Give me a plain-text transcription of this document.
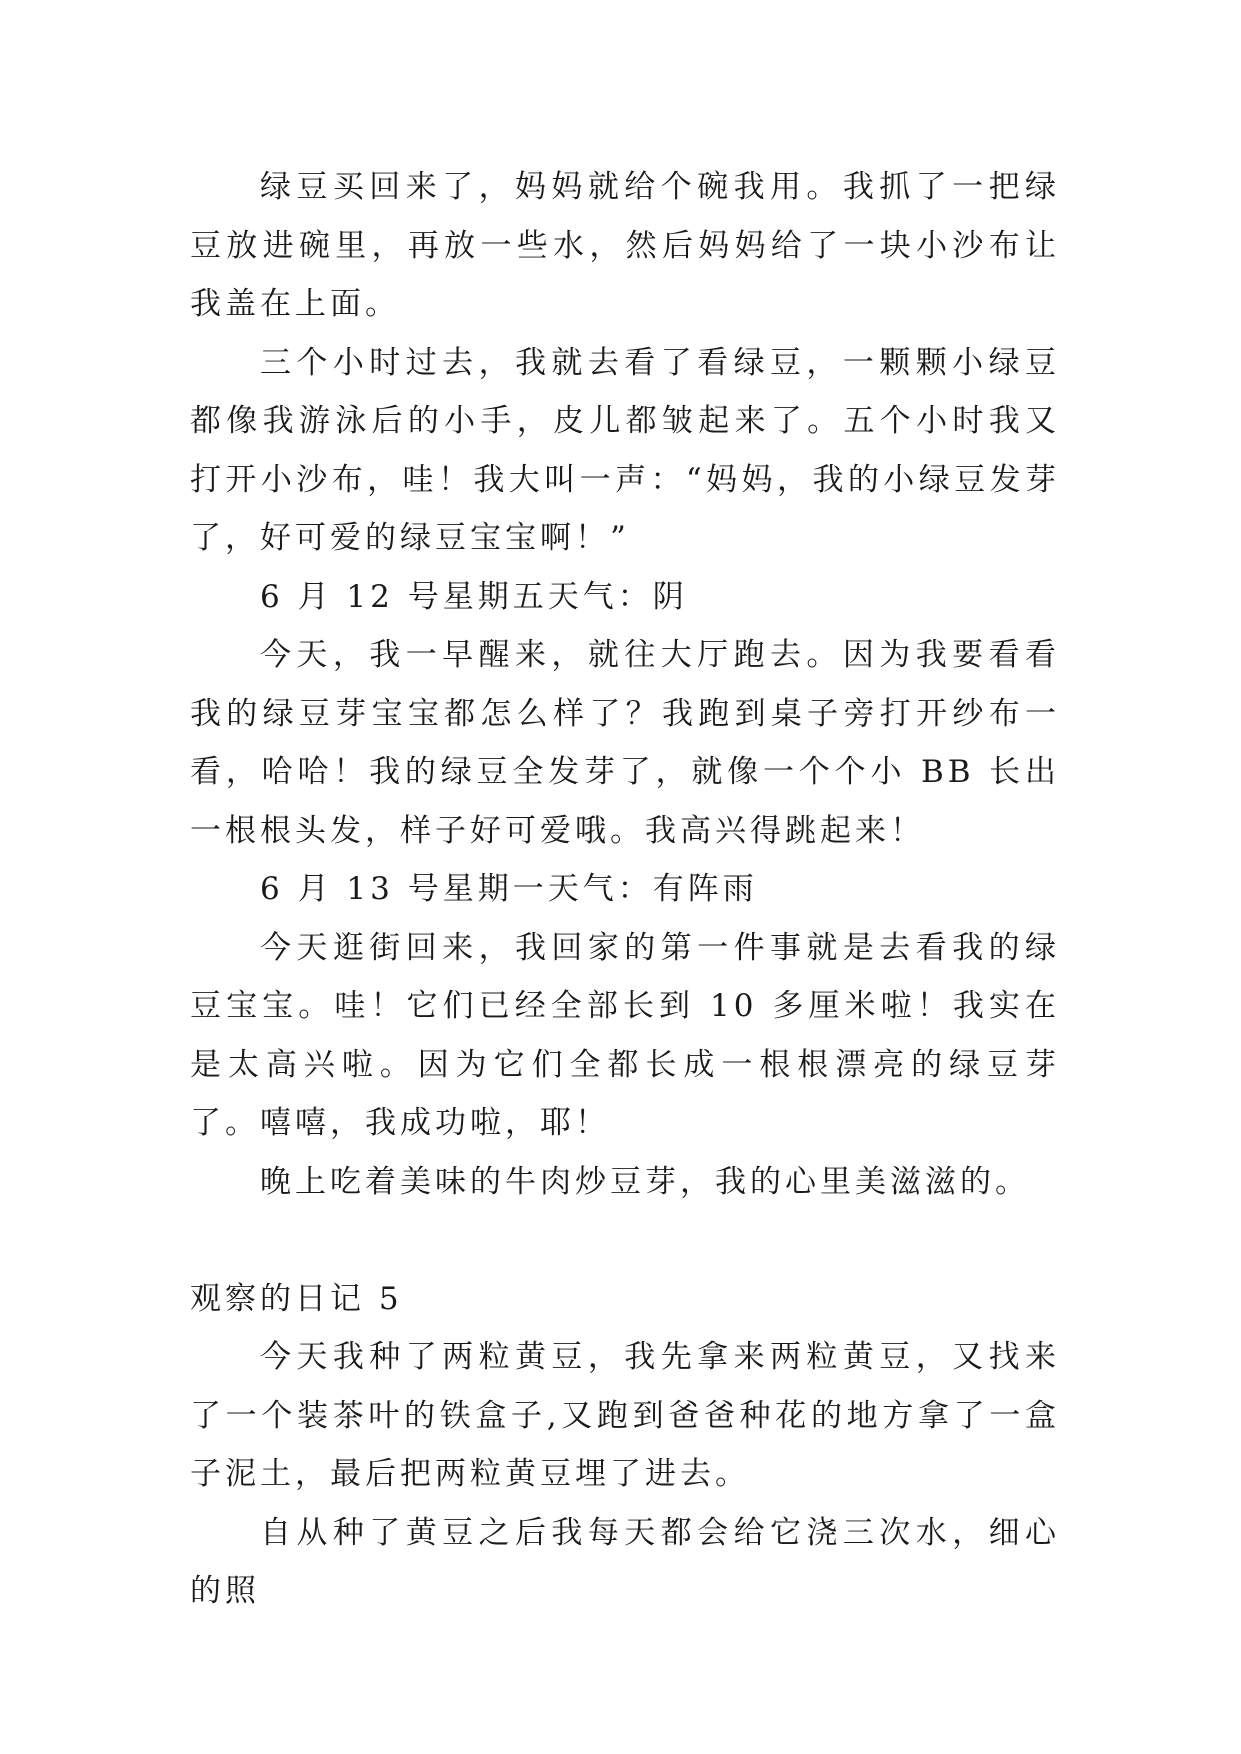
绿豆买回来了，妈妈就给个碗我用。我抓了一把绿豆放进碗里，再放一些水，然后妈妈给了一块小沙布让我盖在上面。

三个小时过去，我就去看了看绿豆，一颗颗小绿豆都像我游泳后的小手，皮儿都皱起来了。五个小时我又打开小沙布，哇！我大叫一声：“妈妈，我的小绿豆发芽了，好可爱的绿豆宝宝啊！”

6 月 12 号星期五天气：阴

今天，我一早醒来，就往大厅跑去。因为我要看看我的绿豆芽宝宝都怎么样了？我跑到桌子旁打开纱布一看，哈哈！我的绿豆全发芽了，就像一个个小 BB 长出一根根头发，样子好可爱哦。我高兴得跳起来！

6 月 13 号星期一天气：有阵雨

今天逛街回来，我回家的第一件事就是去看我的绿豆宝宝。哇！它们已经全部长到 10 多厘米啦！我实在是太高兴啦。因为它们全都长成一根根漂亮的绿豆芽了。嘻嘻，我成功啦，耶！

晚上吃着美味的牛肉炒豆芽，我的心里美滋滋的。

观察的日记 5

今天我种了两粒黄豆，我先拿来两粒黄豆，又找来了一个装茶叶的铁盒子,又跑到爸爸种花的地方拿了一盒子泥土，最后把两粒黄豆埋了进去。

自从种了黄豆之后我每天都会给它浇三次水，细心的照
